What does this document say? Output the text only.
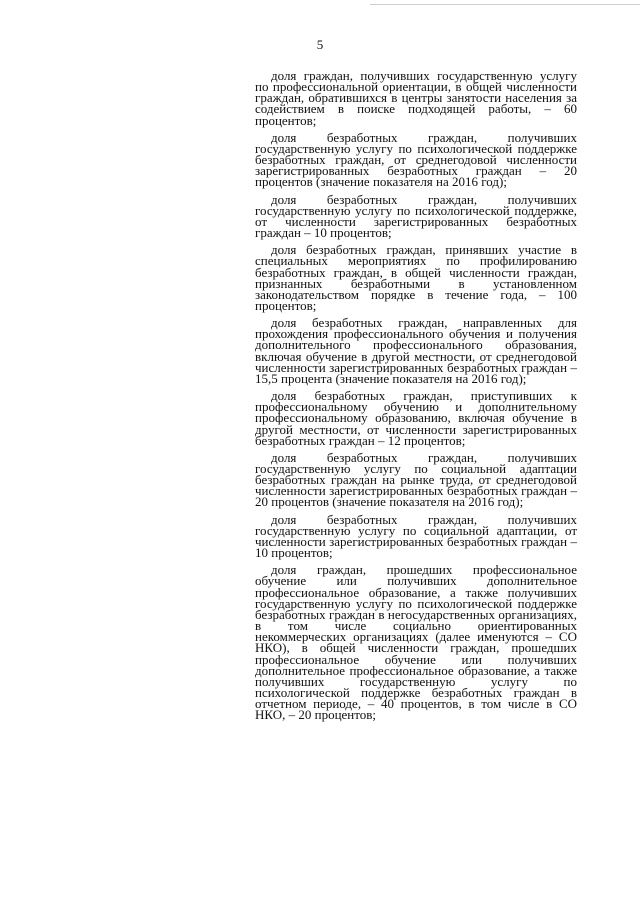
5

доля граждан, получивших государственную услугу по профессиональной ориентации, в общей численности граждан, обратившихся в центры занятости населения за содействием в поиске подходящей работы, – 60 процентов;

доля безработных граждан, получивших государственную услугу по психологической поддержке безработных граждан, от среднегодовой численности зарегистрированных безработных граждан – 20 процентов (значение показателя на 2016 год);

доля безработных граждан, получивших государственную услугу по психологической поддержке, от численности зарегистрированных безработных граждан – 10 процентов;

доля безработных граждан, принявших участие в специальных мероприятиях по профилированию безработных граждан, в общей численности граждан, признанных безработными в установленном законодательством порядке в течение года, – 100 процентов;

доля безработных граждан, направленных для прохождения профессионального обучения и получения дополнительного профессионального образования, включая обучение в другой местности, от среднегодовой численности зарегистрированных безработных граждан – 15,5 процента (значение показателя на 2016 год);

доля безработных граждан, приступивших к профессиональному обучению и дополнительному профессиональному образованию, включая обучение в другой местности, от численности зарегистрированных безработных граждан – 12 процентов;

доля безработных граждан, получивших государственную услугу по социальной адаптации безработных граждан на рынке труда, от среднегодовой численности зарегистрированных безработных граждан – 20 процентов (значение показателя на 2016 год);

доля безработных граждан, получивших государственную услугу по социальной адаптации, от численности зарегистрированных безработных граждан – 10 процентов;

доля граждан, прошедших профессиональное обучение или получивших дополнительное профессиональное образование, а также получивших государственную услугу по психологической поддержке безработных граждан в негосударственных организациях, в том числе социально ориентированных некоммерческих организациях (далее именуются – СО НКО), в общей численности граждан, прошедших профессиональное обучение или получивших дополнительное профессиональное образование, а также получивших государственную услугу по психологической поддержке безработных граждан в отчетном периоде, – 40 процентов, в том числе в СО НКО, – 20 процентов;
